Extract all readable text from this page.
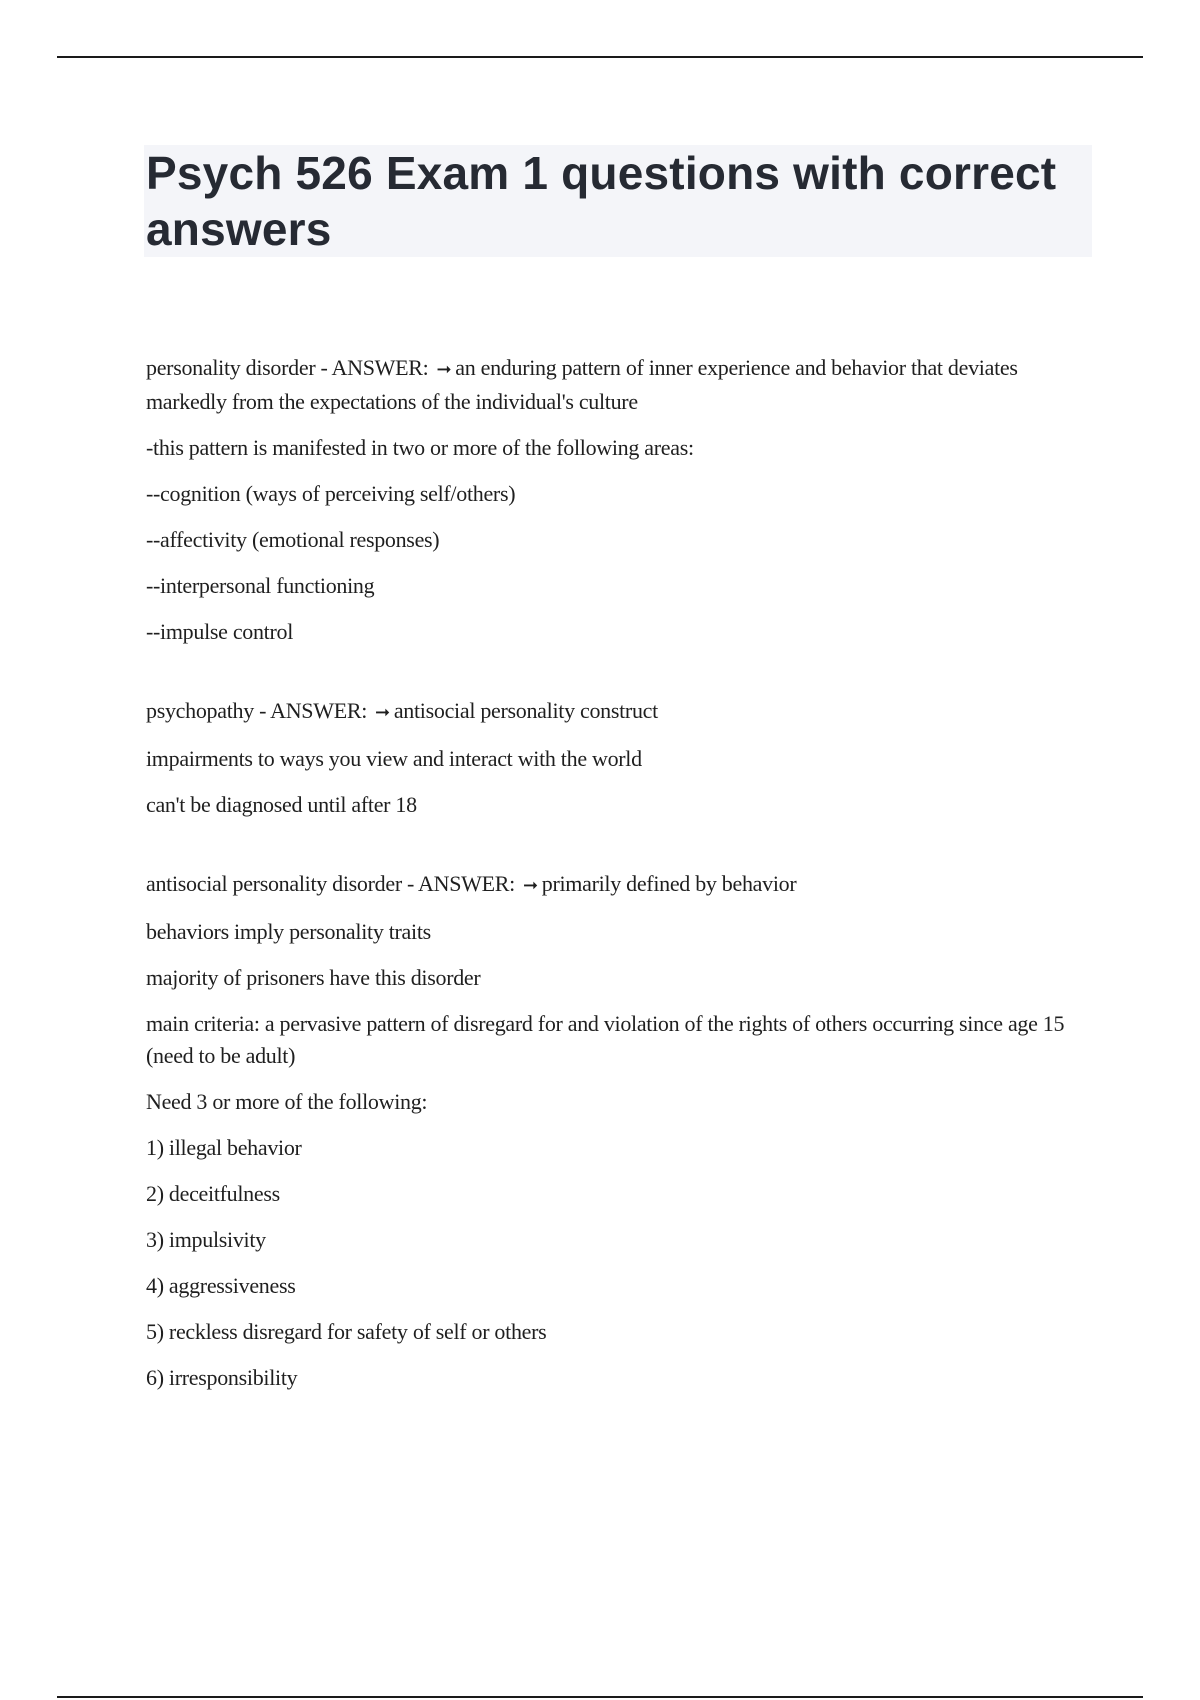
Psych 526 Exam 1 questions with correct answers

personality disorder - ANSWER: ➞ an enduring pattern of inner experience and behavior that deviates markedly from the expectations of the individual's culture

-this pattern is manifested in two or more of the following areas:

--cognition (ways of perceiving self/others)

--affectivity (emotional responses)

--interpersonal functioning

--impulse control

psychopathy - ANSWER: ➞ antisocial personality construct

impairments to ways you view and interact with the world

can't be diagnosed until after 18

antisocial personality disorder - ANSWER: ➞ primarily defined by behavior

behaviors imply personality traits

majority of prisoners have this disorder

main criteria: a pervasive pattern of disregard for and violation of the rights of others occurring since age 15 (need to be adult)

Need 3 or more of the following:

1) illegal behavior

2) deceitfulness

3) impulsivity

4) aggressiveness

5) reckless disregard for safety of self or others

6) irresponsibility
